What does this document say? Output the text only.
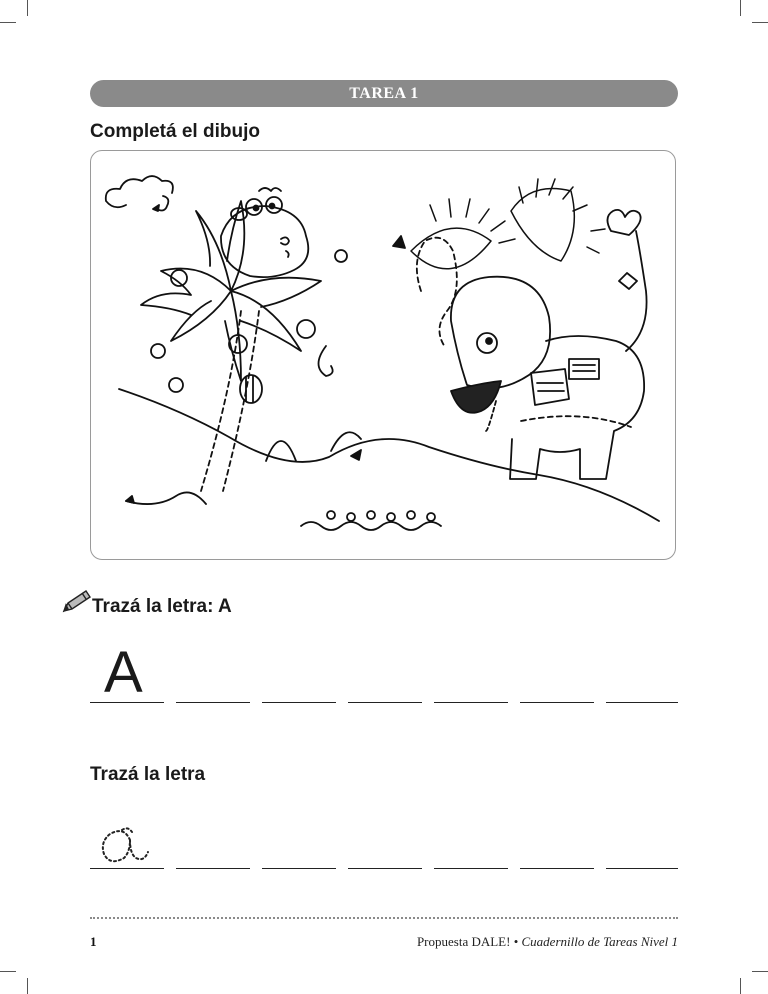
TAREA 1
Completá el dibujo
Trazá la letra: A
A
Trazá la letra
1	Propuesta DALE! • Cuadernillo de Tareas Nivel 1
